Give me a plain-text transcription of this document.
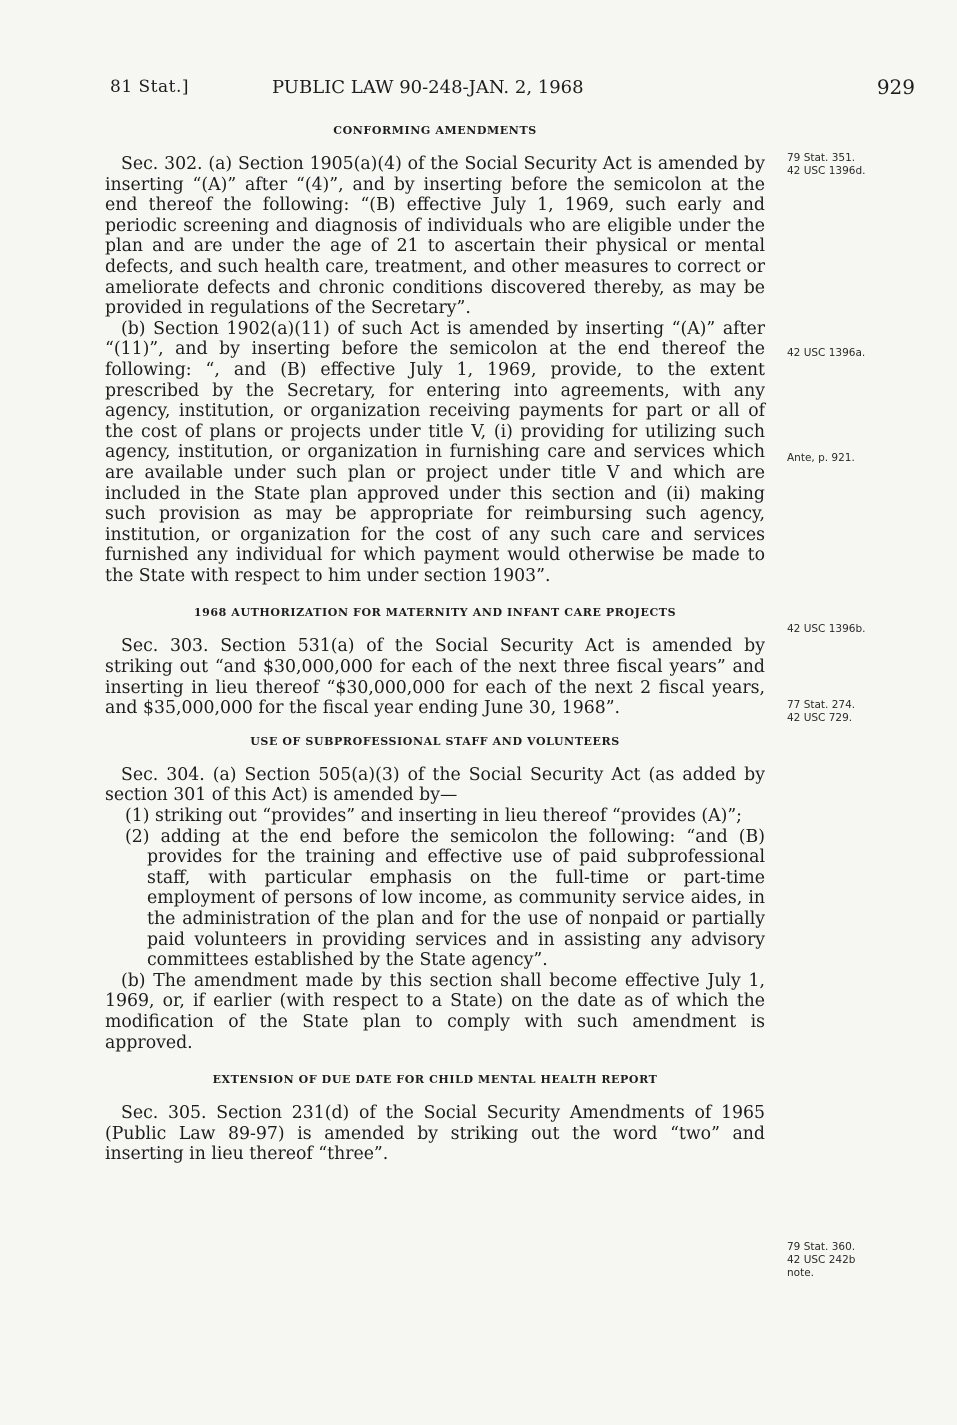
81 Stat.]	PUBLIC LAW 90-248-JAN. 2, 1968	929

CONFORMING AMENDMENTS

Sec. 302. (a) Section 1905(a)(4) of the Social Security Act is amended by inserting “(A)” after “(4)”, and by inserting before the semicolon at the end thereof the following: “(B) effective July 1, 1969, such early and periodic screening and diagnosis of individuals who are eligible under the plan and are under the age of 21 to ascertain their physical or mental defects, and such health care, treatment, and other measures to correct or ameliorate defects and chronic conditions discovered thereby, as may be provided in regulations of the Secretary”.

(b) Section 1902(a)(11) of such Act is amended by inserting “(A)” after “(11)”, and by inserting before the semicolon at the end thereof the following: “, and (B) effective July 1, 1969, provide, to the extent prescribed by the Secretary, for entering into agreements, with any agency, institution, or organization receiving payments for part or all of the cost of plans or projects under title V, (i) providing for utilizing such agency, institution, or organization in furnishing care and services which are available under such plan or project under title V and which are included in the State plan approved under this section and (ii) making such provision as may be appropriate for reimbursing such agency, institution, or organization for the cost of any such care and services furnished any individual for which payment would otherwise be made to the State with respect to him under section 1903”.

1968 AUTHORIZATION FOR MATERNITY AND INFANT CARE PROJECTS

Sec. 303. Section 531(a) of the Social Security Act is amended by striking out “and $30,000,000 for each of the next three fiscal years” and inserting in lieu thereof “$30,000,000 for each of the next 2 fiscal years, and $35,000,000 for the fiscal year ending June 30, 1968”.

USE OF SUBPROFESSIONAL STAFF AND VOLUNTEERS

Sec. 304. (a) Section 505(a)(3) of the Social Security Act (as added by section 301 of this Act) is amended by—

(1) striking out “provides” and inserting in lieu thereof “provides (A)”;

(2) adding at the end before the semicolon the following: “and (B) provides for the training and effective use of paid subprofessional staff, with particular emphasis on the full-time or part-time employment of persons of low income, as community service aides, in the administration of the plan and for the use of nonpaid or partially paid volunteers in providing services and in assisting any advisory committees established by the State agency”.

(b) The amendment made by this section shall become effective July 1, 1969, or, if earlier (with respect to a State) on the date as of which the modification of the State plan to comply with such amendment is approved.

EXTENSION OF DUE DATE FOR CHILD MENTAL HEALTH REPORT

Sec. 305. Section 231(d) of the Social Security Amendments of 1965 (Public Law 89-97) is amended by striking out the word “two” and inserting in lieu thereof “three”.

79 Stat. 351.
42 USC 1396d.
42 USC 1396a.
Ante, p. 921.
42 USC 1396b.
77 Stat. 274.
42 USC 729.
79 Stat. 360.
42 USC 242b
note.
